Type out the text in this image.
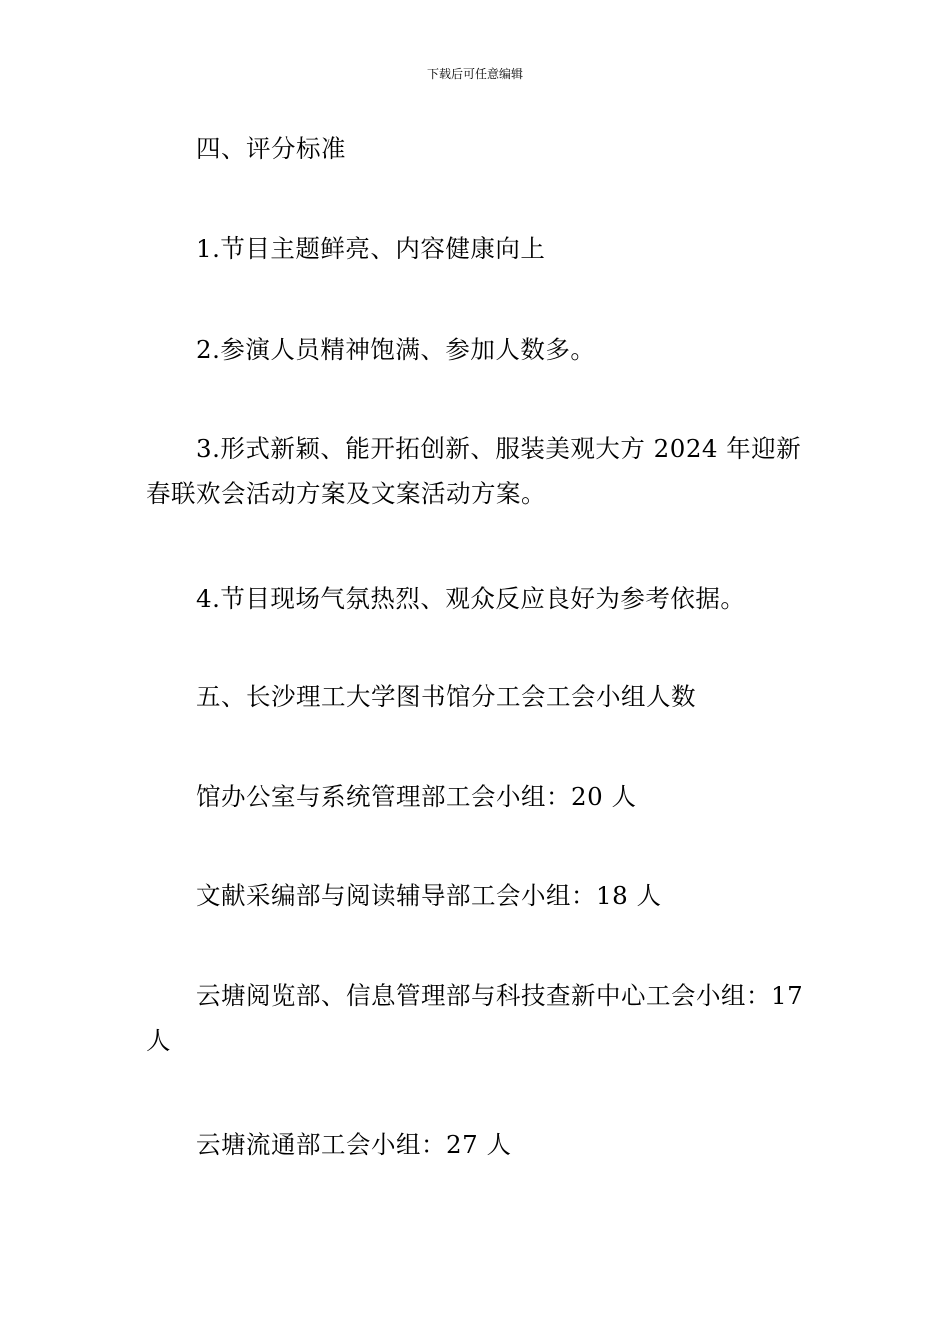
下载后可任意编辑
四、评分标准
1.节目主题鲜亮、内容健康向上
2.参演人员精神饱满、参加人数多。
3.形式新颖、能开拓创新、服装美观大方 2024 年迎新春联欢会活动方案及文案活动方案。
4.节目现场气氛热烈、观众反应良好为参考依据。
五、长沙理工大学图书馆分工会工会小组人数
馆办公室与系统管理部工会小组：20 人
文献采编部与阅读辅导部工会小组：18 人
云塘阅览部、信息管理部与科技查新中心工会小组：17 人
云塘流通部工会小组：27 人
